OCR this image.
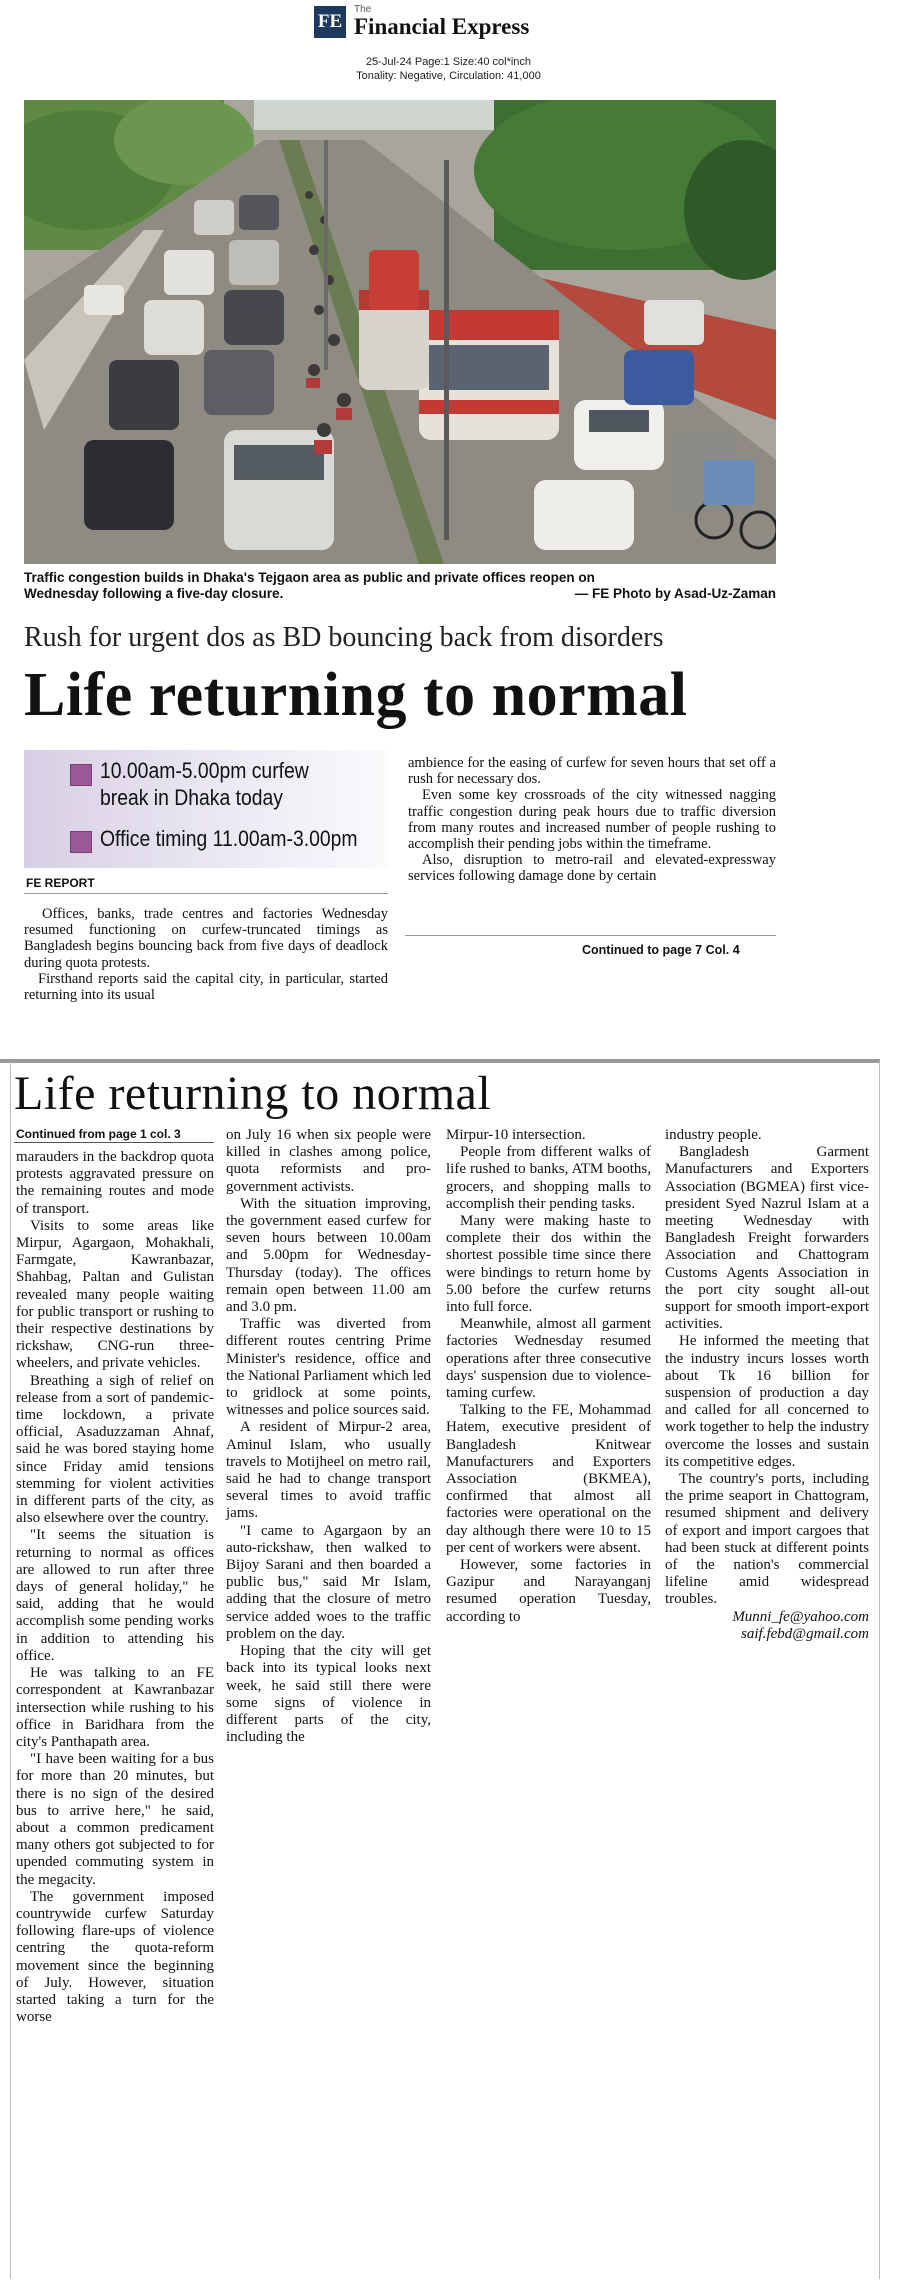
FE
The
Financial Express
25-Jul-24 Page:1 Size:40 col*inch
Tonality: Negative, Circulation: 41,000
Traffic congestion builds in Dhaka's Tejgaon area as public and private offices reopen on
Wednesday following a five-day closure.	— FE Photo by Asad-Uz-Zaman
Rush for urgent dos as BD bouncing back from disorders
Life returning to normal
10.00am-5.00pm curfew
break in Dhaka today
Office timing 11.00am-3.00pm
FE REPORT

Offices, banks, trade centres and factories Wednesday resumed functioning on curfew-truncated timings as Bangladesh begins bouncing back from five days of deadlock during quota protests.

Firsthand reports said the capital city, in particular, started returning into its usual

ambience for the easing of curfew for seven hours that set off a rush for necessary dos.

Even some key crossroads of the city witnessed nagging traffic congestion during peak hours due to traffic diversion from many routes and increased number of people rushing to accomplish their pending jobs within the timeframe.

Also, disruption to metro-rail and elevated-expressway services following damage done by certain

Continued to page 7 Col. 4
Life returning to normal
Continued from page 1 col. 3

marauders in the backdrop quota protests aggravated pressure on the remaining routes and mode of transport.

Visits to some areas like Mirpur, Agargaon, Mohakhali, Farmgate, Kawranbazar, Shahbag, Paltan and Gulistan revealed many people waiting for public transport or rushing to their respective destinations by rickshaw, CNG-run three-wheelers, and private vehicles.

Breathing a sigh of relief on release from a sort of pandemic-time lockdown, a private official, Asaduzzaman Ahnaf, said he was bored staying home since Friday amid tensions stemming for violent activities in different parts of the city, as also elsewhere over the country.

"It seems the situation is returning to normal as offices are allowed to run after three days of general holiday," he said, adding that he would accomplish some pending works in addition to attending his office.

He was talking to an FE correspondent at Kawranbazar intersection while rushing to his office in Baridhara from the city's Panthapath area.

"I have been waiting for a bus for more than 20 minutes, but there is no sign of the desired bus to arrive here," he said, about a common predicament many others got subjected to for upended commuting system in the megacity.

The government imposed countrywide curfew Saturday following flare-ups of violence centring the quota-reform movement since the beginning of July. However, situation started taking a turn for the worse

on July 16 when six people were killed in clashes among police, quota reformists and pro-government activists.

With the situation improving, the government eased curfew for seven hours between 10.00am and 5.00pm for Wednesday-Thursday (today). The offices remain open between 11.00 am and 3.0 pm.

Traffic was diverted from different routes centring Prime Minister's residence, office and the National Parliament which led to gridlock at some points, witnesses and police sources said.

A resident of Mirpur-2 area, Aminul Islam, who usually travels to Motijheel on metro rail, said he had to change transport several times to avoid traffic jams.

"I came to Agargaon by an auto-rickshaw, then walked to Bijoy Sarani and then boarded a public bus," said Mr Islam, adding that the closure of metro service added woes to the traffic problem on the day.

Hoping that the city will get back into its typical looks next week, he said still there were some signs of violence in different parts of the city, including the

Mirpur-10 intersection.

People from different walks of life rushed to banks, ATM booths, grocers, and shopping malls to accomplish their pending tasks.

Many were making haste to complete their dos within the shortest possible time since there were bindings to return home by 5.00 before the curfew returns into full force.

Meanwhile, almost all garment factories Wednesday resumed operations after three consecutive days' suspension due to violence-taming curfew.

Talking to the FE, Mohammad Hatem, executive president of Bangladesh Knitwear Manufacturers and Exporters Association (BKMEA), confirmed that almost all factories were operational on the day although there were 10 to 15 per cent of workers were absent.

However, some factories in Gazipur and Narayanganj resumed operation Tuesday, according to

industry people.

Bangladesh Garment Manufacturers and Exporters Association (BGMEA) first vice-president Syed Nazrul Islam at a meeting Wednesday with Bangladesh Freight forwarders Association and Chattogram Customs Agents Association in the port city sought all-out support for smooth import-export activities.

He informed the meeting that the industry incurs losses worth about Tk 16 billion for suspension of production a day and called for all concerned to work together to help the industry overcome the losses and sustain its competitive edges.

The country's ports, including the prime seaport in Chattogram, resumed shipment and delivery of export and import cargoes that had been stuck at different points of the nation's commercial lifeline amid widespread troubles.

Munni_fe@yahoo.com
saif.febd@gmail.com
